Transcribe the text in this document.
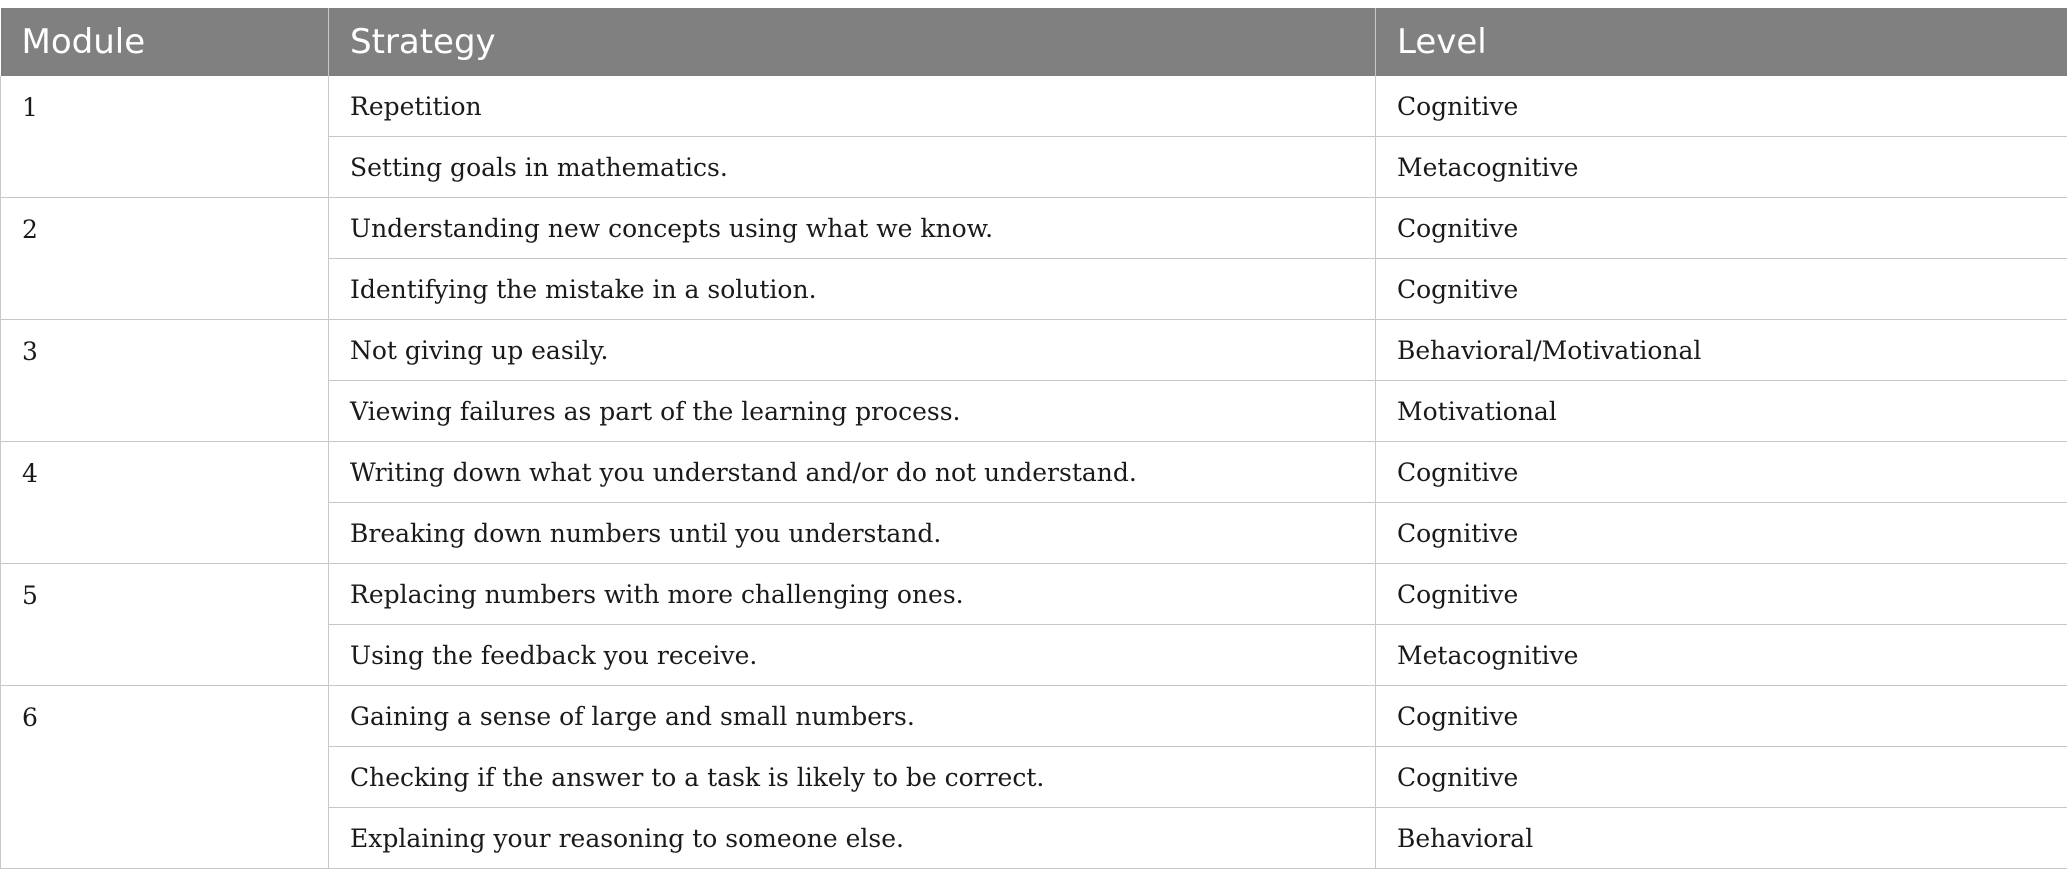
Module	Strategy	Level
1	Repetition	Cognitive
	Setting goals in mathematics.	Metacognitive
2	Understanding new concepts using what we know.	Cognitive
	Identifying the mistake in a solution.	Cognitive
3	Not giving up easily.	Behavioral/Motivational
	Viewing failures as part of the learning process.	Motivational
4	Writing down what you understand and/or do not understand.	Cognitive
	Breaking down numbers until you understand.	Cognitive
5	Replacing numbers with more challenging ones.	Cognitive
	Using the feedback you receive.	Metacognitive
6	Gaining a sense of large and small numbers.	Cognitive
	Checking if the answer to a task is likely to be correct.	Cognitive
	Explaining your reasoning to someone else.	Behavioral
